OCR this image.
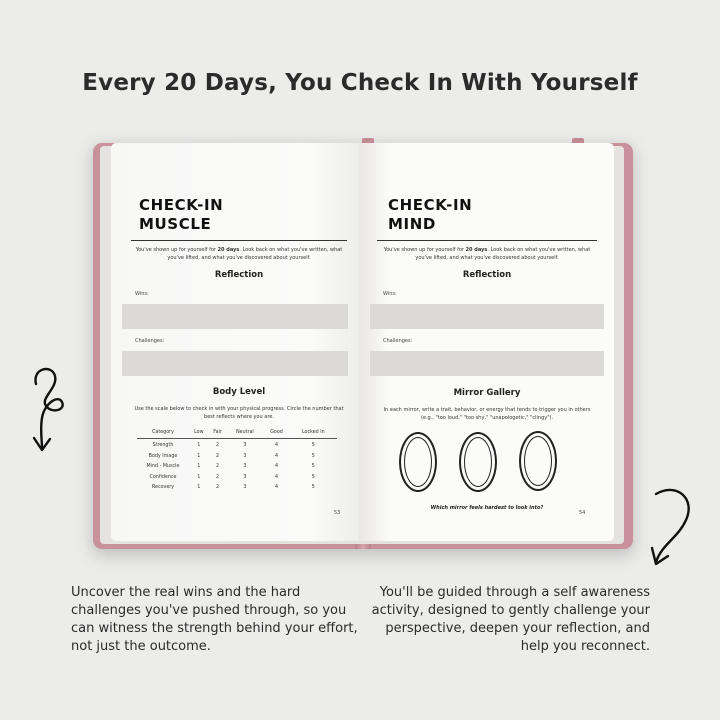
Every 20 Days, You Check In With Yourself
CHECK-IN
MUSCLE
You've shown up for yourself for 20 days. Look back on what you've written, what you've lifted, and what you've discovered about yourself.
Reflection
Wins:
Challenges:
Body Level
Use the scale below to check in with your physical progress. Circle the number that best reflects where you are.
Category	Low	Fair	Neutral	Good	Locked In
Strength	1	2	3	4	5
Body Image	1	2	3	4	5
Mind - Muscle	1	2	3	4	5
Confidence	1	2	3	4	5
Recovery	1	2	3	4	5
53
CHECK-IN
MIND
You've shown up for yourself for 20 days. Look back on what you've written, what you've lifted, and what you've discovered about yourself.
Reflection
Wins:
Challenges:
Mirror Gallery
In each mirror, write a trait, behavior, or energy that tends to trigger you in others (e.g., "too loud," "too shy," "unapologetic," "clingy").
Which mirror feels hardest to look into?
54
Uncover the real wins and the hard challenges you've pushed through, so you can witness the strength behind your effort, not just the outcome.
You'll be guided through a self awareness activity, designed to gently challenge your perspective, deepen your reflection, and help you reconnect.
